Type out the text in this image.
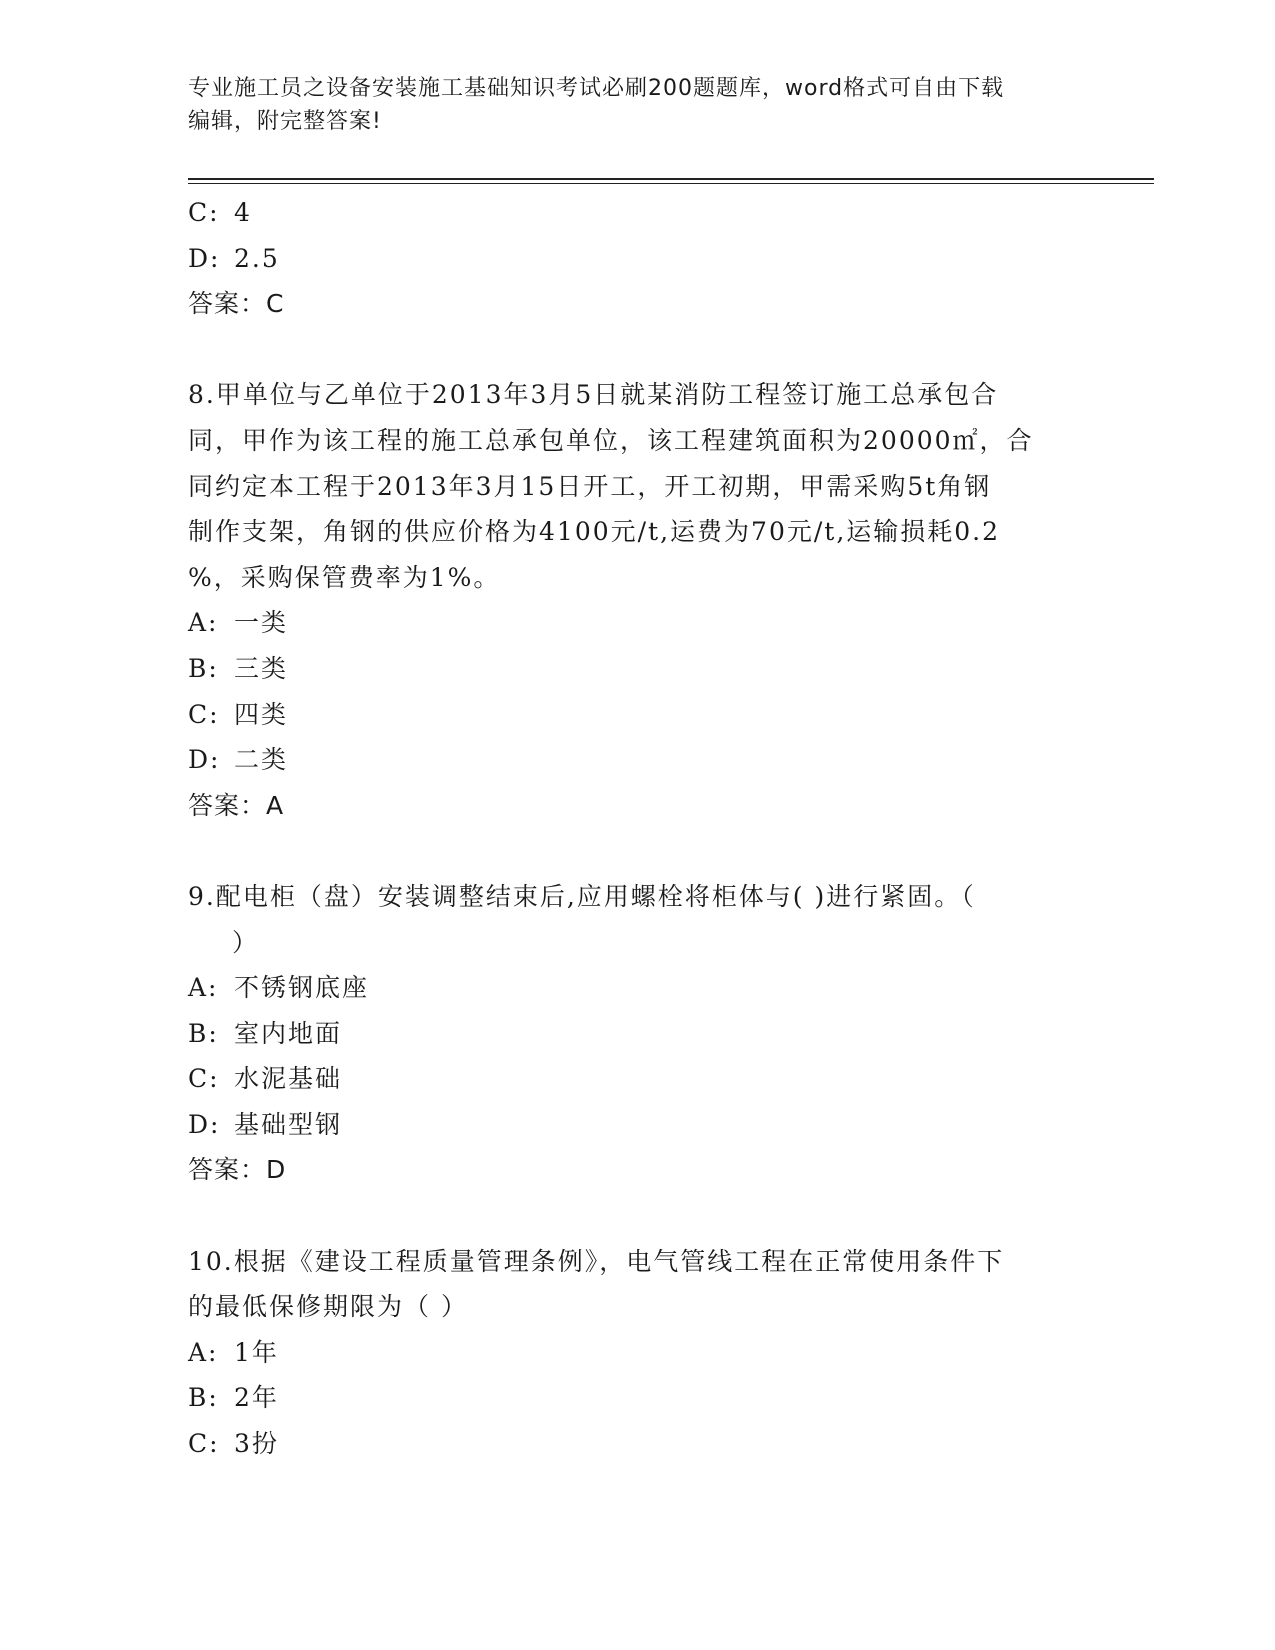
专业施工员之设备安装施工基础知识考试必刷200题题库，word格式可自由下载
编辑，附完整答案!
C: 4
D: 2.5
答案：C
8.甲单位与乙单位于2013年3月5日就某消防工程签订施工总承包合
同，甲作为该工程的施工总承包单位，该工程建筑面积为20000㎡，合
同约定本工程于2013年3月15日开工，开工初期，甲需采购5t角钢
制作支架，角钢的供应价格为4100元/t,运费为70元/t,运输损耗0.2
%，采购保管费率为1%。
A: 一类
B: 三类
C: 四类
D: 二类
答案：A
9.配电柜（盘）安装调整结束后,应用螺栓将柜体与( )进行紧固。（
）
A: 不锈钢底座
B: 室内地面
C: 水泥基础
D: 基础型钢
答案：D
10.根据《建设工程质量管理条例》，电气管线工程在正常使用条件下
的最低保修期限为（ ）
A: 1年
B: 2年
C: 3扮
